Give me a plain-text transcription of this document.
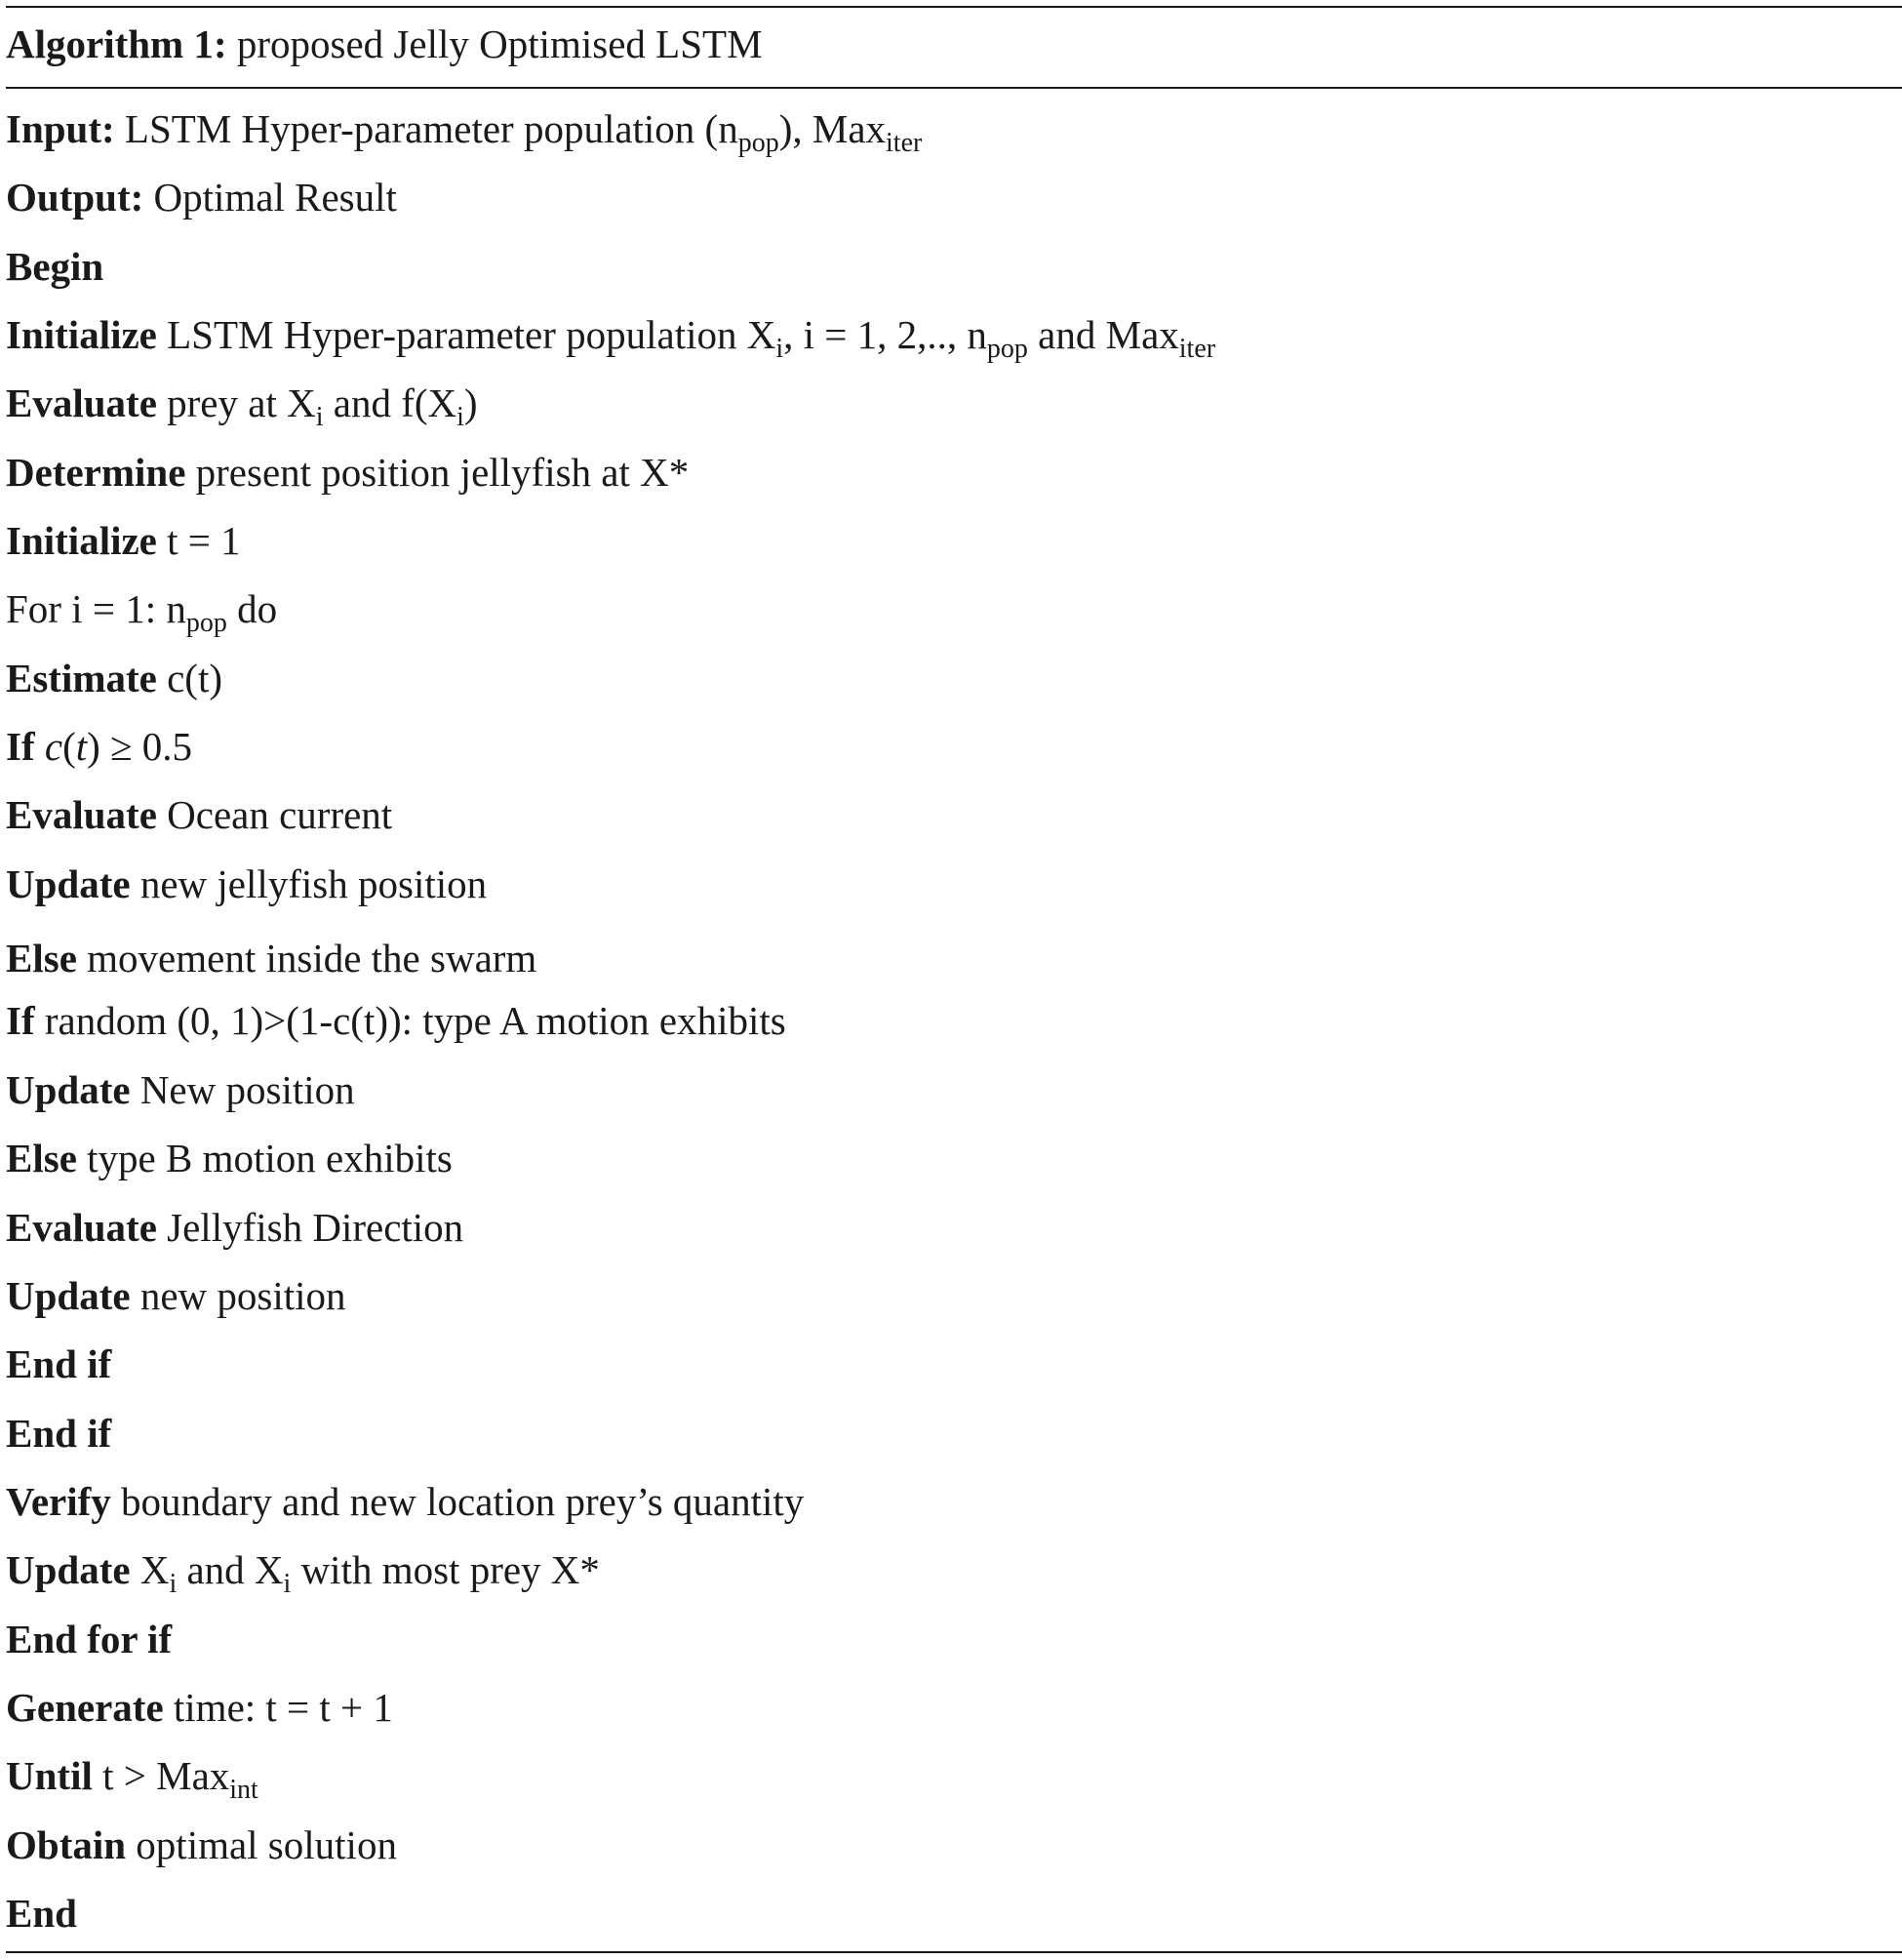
Algorithm 1: proposed Jelly Optimised LSTM
Input: LSTM Hyper-parameter population $(n_{pop})$, Max$_{iter}$
Output: Optimal Result
Begin
Initialize LSTM Hyper-parameter population $X_i$, i = 1, 2,.., $n_{pop}$ and Max$_{iter}$
Evaluate prey at $X_i$ and $f(X_i)$
Determine present position jellyfish at X*
Initialize t = 1
For i = 1: $n_{pop}$ do
Estimate c(t)
If c(t) ≥ 0.5
Evaluate Ocean current
Update new jellyfish position
Else movement inside the swarm
If random (0, 1)>(1-c(t)): type A motion exhibits
Update New position
Else type B motion exhibits
Evaluate Jellyfish Direction
Update new position
End if
End if
Verify boundary and new location prey’s quantity
Update $X_i$ and $X_i$ with most prey X*
End for if
Generate time: t = t + 1
Until t > Max$_{int}$
Obtain optimal solution
End
